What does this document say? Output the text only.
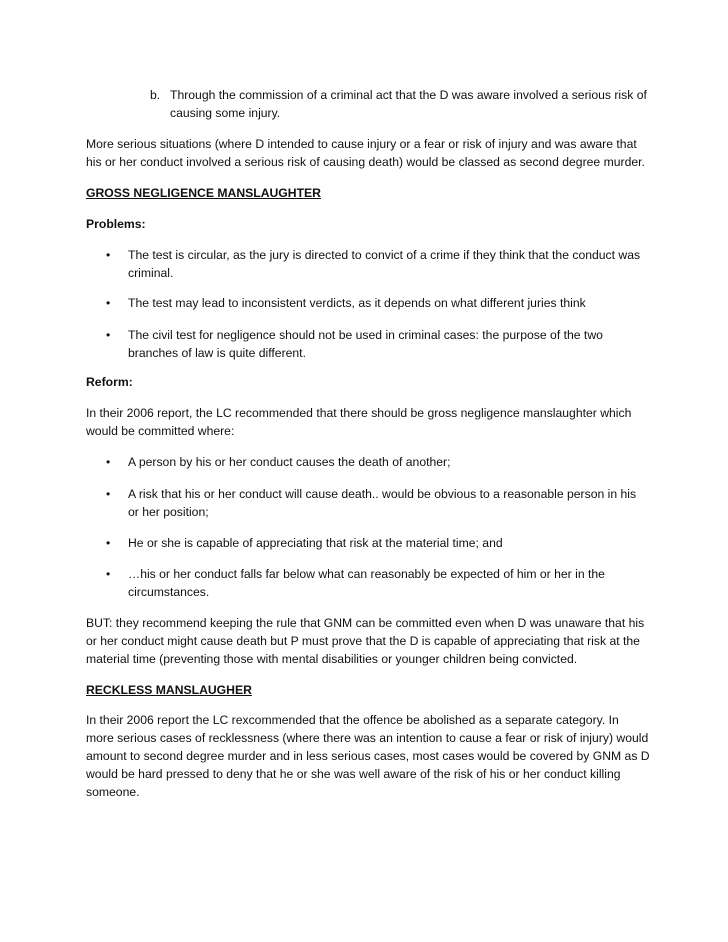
b. Through the commission of a criminal act that the D was aware involved a serious risk of
causing some injury.
More serious situations (where D intended to cause injury or a fear or risk of injury and was aware that
his or her conduct involved a serious risk of causing death) would be classed as second degree murder.
GROSS NEGLIGENCE MANSLAUGHTER
Problems:
• The test is circular, as the jury is directed to convict of a crime if they think that the conduct was
criminal.
• The test may lead to inconsistent verdicts, as it depends on what different juries think
• The civil test for negligence should not be used in criminal cases: the purpose of the two
branches of law is quite different.
Reform:
In their 2006 report, the LC recommended that there should be gross negligence manslaughter which
would be committed where:
• A person by his or her conduct causes the death of another;
• A risk that his or her conduct will cause death.. would be obvious to a reasonable person in his
or her position;
• He or she is capable of appreciating that risk at the material time; and
• …his or her conduct falls far below what can reasonably be expected of him or her in the
circumstances.
BUT: they recommend keeping the rule that GNM can be committed even when D was unaware that his
or her conduct might cause death but P must prove that the D is capable of appreciating that risk at the
material time (preventing those with mental disabilities or younger children being convicted.
RECKLESS MANSLAUGHER
In their 2006 report the LC rexcommended that the offence be abolished as a separate category. In
more serious cases of recklessness (where there was an intention to cause a fear or risk of injury) would
amount to second degree murder and in less serious cases, most cases would be covered by GNM as D
would be hard pressed to deny that he or she was well aware of the risk of his or her conduct killing
someone.
